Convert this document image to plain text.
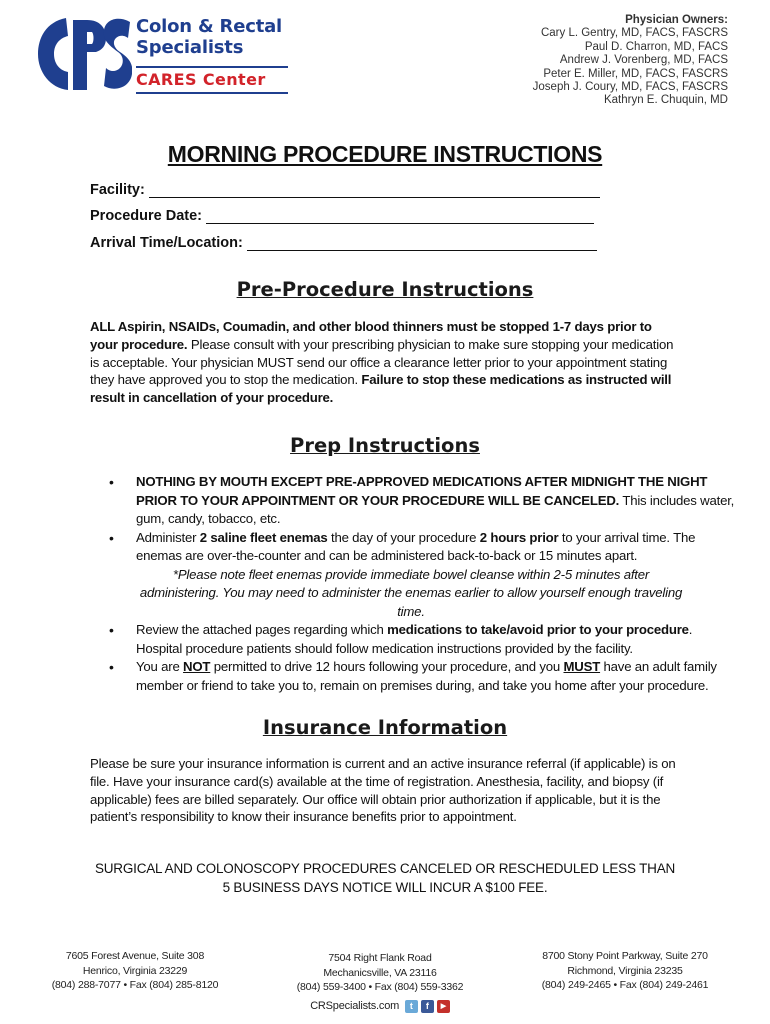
Colon & Rectal
Specialists
CARES Center
Physician Owners:
Cary L. Gentry, MD, FACS, FASCRS
Paul D. Charron, MD, FACS
Andrew J. Vorenberg, MD, FACS
Peter E. Miller, MD, FACS, FASCRS
Joseph J. Coury, MD, FACS, FASCRS
Kathryn E. Chuquin, MD
MORNING PROCEDURE INSTRUCTIONS
Facility:
Procedure Date:
Arrival Time/Location:
Pre-Procedure Instructions
ALL Aspirin, NSAIDs, Coumadin, and other blood thinners must be stopped 1-7 days prior to your procedure. Please consult with your prescribing physician to make sure stopping your medication is acceptable. Your physician MUST send our office a clearance letter prior to your appointment stating they have approved you to stop the medication. Failure to stop these medications as instructed will result in cancellation of your procedure.
Prep Instructions
• NOTHING BY MOUTH EXCEPT PRE-APPROVED MEDICATIONS AFTER MIDNIGHT THE NIGHT PRIOR TO YOUR APPOINTMENT OR YOUR PROCEDURE WILL BE CANCELED. This includes water, gum, candy, tobacco, etc.
• Administer 2 saline fleet enemas the day of your procedure 2 hours prior to your arrival time. The enemas are over-the-counter and can be administered back-to-back or 15 minutes apart.
*Please note fleet enemas provide immediate bowel cleanse within 2-5 minutes after administering. You may need to administer the enemas earlier to allow yourself enough traveling time.
• Review the attached pages regarding which medications to take/avoid prior to your procedure. Hospital procedure patients should follow medication instructions provided by the facility.
• You are NOT permitted to drive 12 hours following your procedure, and you MUST have an adult family member or friend to take you to, remain on premises during, and take you home after your procedure.
Insurance Information
Please be sure your insurance information is current and an active insurance referral (if applicable) is on file. Have your insurance card(s) available at the time of registration. Anesthesia, facility, and biopsy (if applicable) fees are billed separately. Our office will obtain prior authorization if applicable, but it is the patient’s responsibility to know their insurance benefits prior to appointment.
SURGICAL AND COLONOSCOPY PROCEDURES CANCELED OR RESCHEDULED LESS THAN 5 BUSINESS DAYS NOTICE WILL INCUR A $100 FEE.
7605 Forest Avenue, Suite 308
Henrico, Virginia 23229
(804) 288-7077 • Fax (804) 285-8120
7504 Right Flank Road
Mechanicsville, VA 23116
(804) 559-3400 • Fax (804) 559-3362
CRSpecialists.com t f ▶
8700 Stony Point Parkway, Suite 270
Richmond, Virginia 23235
(804) 249-2465 • Fax (804) 249-2461
